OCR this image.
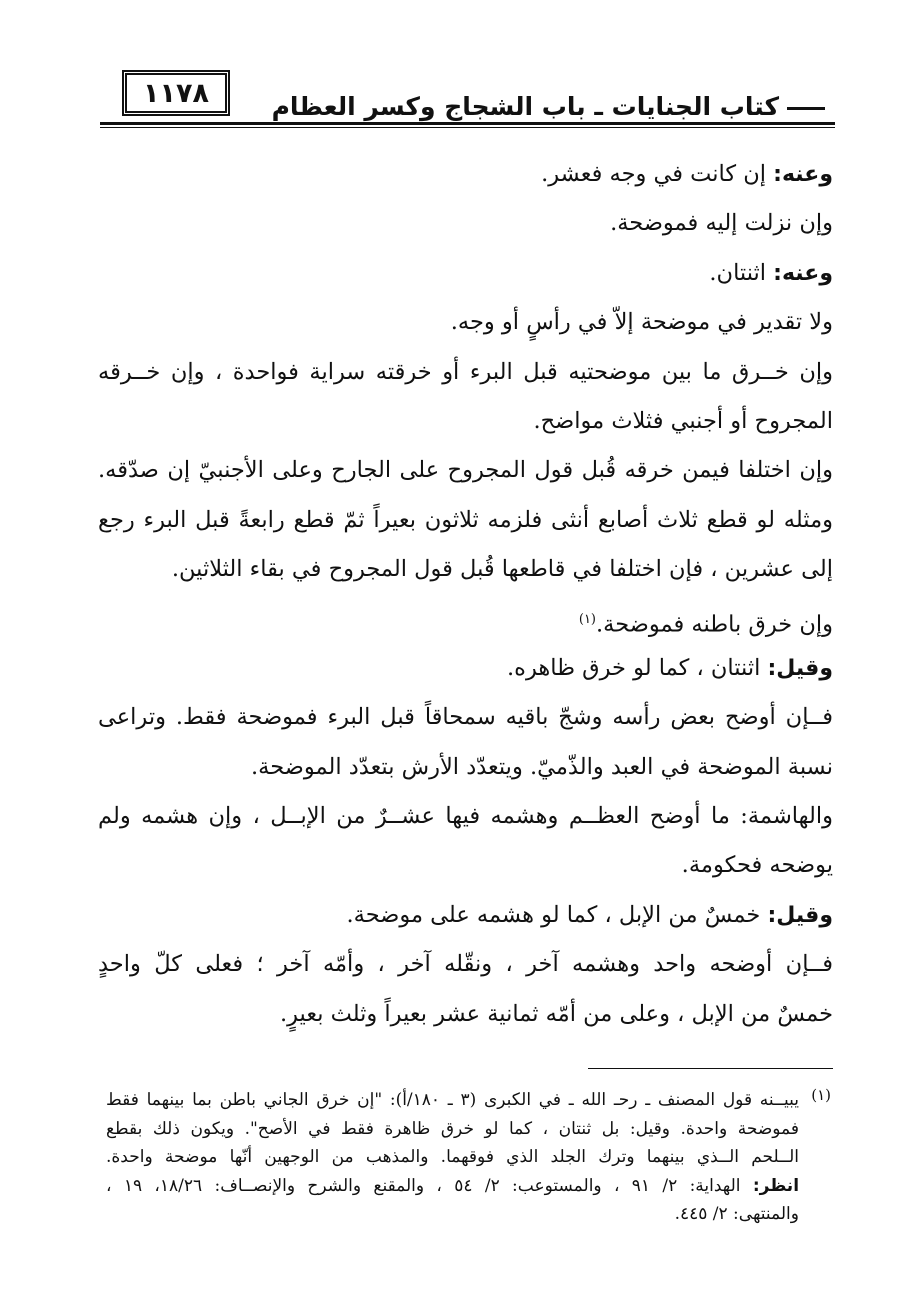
١١٧٨	كتاب الجنايات ـ باب الشجاج وكسر العظام
وعنه: إن كانت في وجه فعشر.
وإن نزلت إليه فموضحة.
وعنه: اثنتان.
ولا تقدير في موضحة إلاّ في رأسٍ أو وجه.
وإن خــرق ما بين موضحتيه قبل البرء أو خرقته سراية فواحدة ، وإن خــرقه
المجروح أو أجنبي فثلاث مواضح.
وإن اختلفا فيمن خرقه قُبل قول المجروح على الجارح وعلى الأجنبيّ إن صدّقه.
ومثله لو قطع ثلاث أصابع أنثى فلزمه ثلاثون بعيراً ثمّ قطع رابعةً قبل البرء رجع
إلى عشرين ، فإن اختلفا في قاطعها قُبل قول المجروح في بقاء الثلاثين.
وإن خرق باطنه فموضحة.$^{(١)}$
وقيل: اثنتان ، كما لو خرق ظاهره.
فــإن أوضح بعض رأسه وشجّ باقيه سمحاقاً قبل البرء فموضحة فقط. وتراعى
نسبة الموضحة في العبد والذّميّ. ويتعدّد الأرش بتعدّد الموضحة.
والهاشمة: ما أوضح العظــم وهشمه فيها عشــرٌ من الإبــل ، وإن هشمه ولم
يوضحه فحكومة.
وقيل: خمسٌ من الإبل ، كما لو هشمه على موضحة.
فــإن أوضحه واحد وهشمه آخر ، ونقّله آخر ، وأمّه آخر ؛ فعلى كلّ واحدٍ
خمسٌ من الإبل ، وعلى من أمّه ثمانية عشر بعيراً وثلث بعيرٍ.
(١)
يبيــنه قول المصنف ـ رحـ الله ـ في الكبرى (٣ ـ ١٨٠/أ): "إن خرق الجاني باطن بما بينهما فقط
فموضحة واحدة. وقيل: بل ثنتان ، كما لو خرق ظاهرة فقط في الأصح". ويكون ذلك بقطع
الــلحم الــذي بينهما وترك الجلد الذي فوقهما. والمذهب من الوجهين أنّها موضحة واحدة.
انظر: الهداية: ٢/ ٩١ ، والمستوعب: ٢/ ٥٤ ، والمقنع والشرح والإنصــاف: ١٨/٢٦، ١٩ ،
والمنتهى: ٢/ ٤٤٥.
